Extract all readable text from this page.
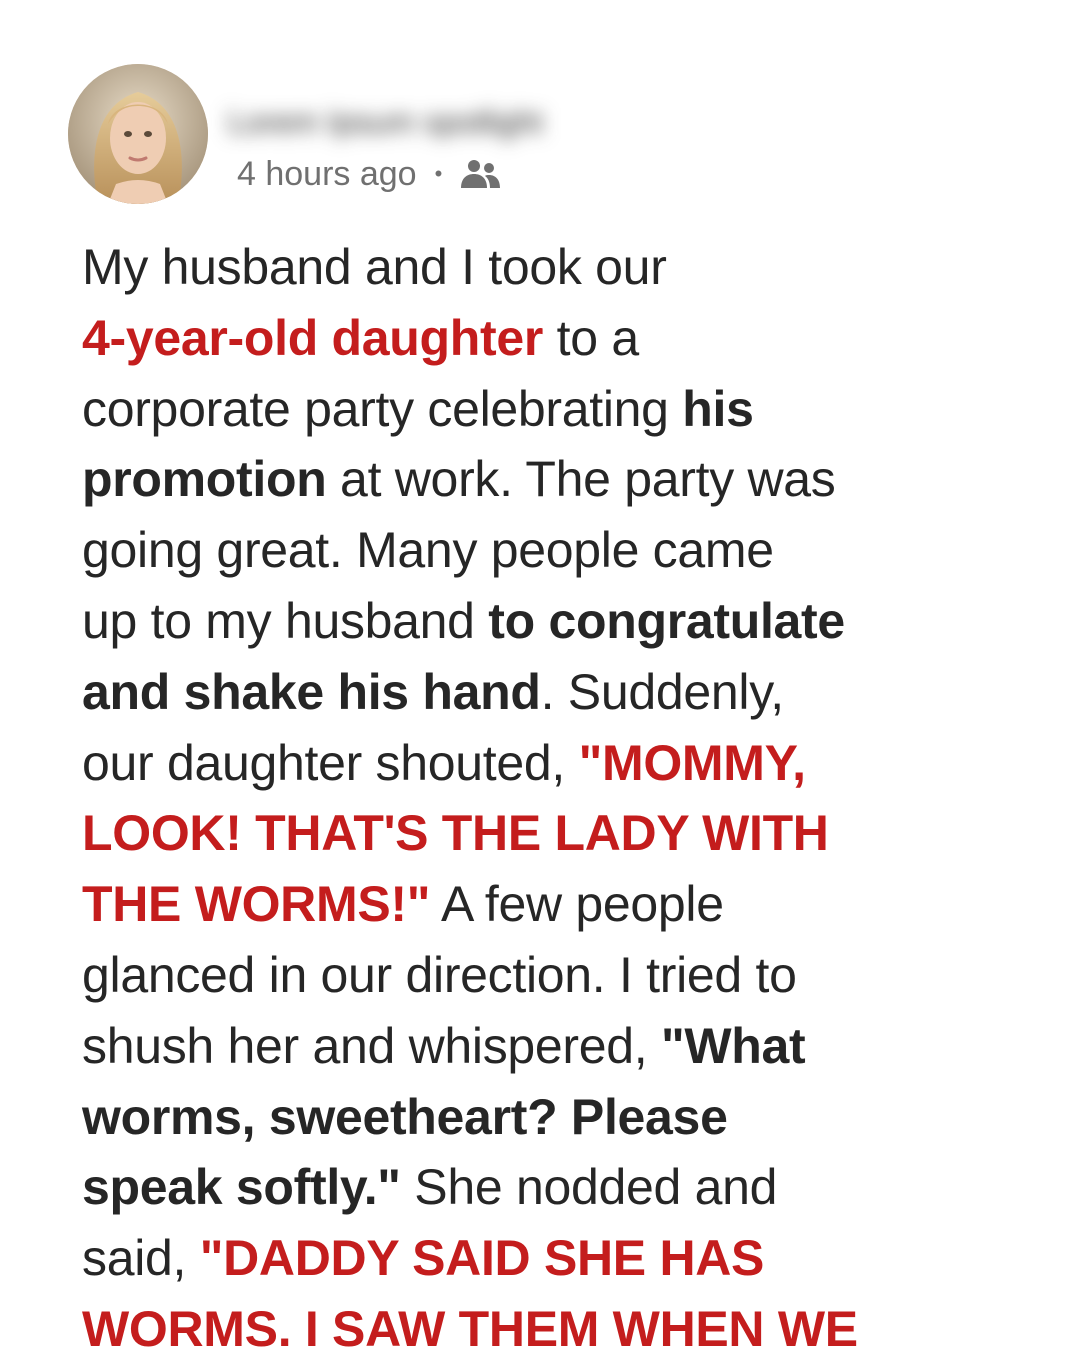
Lorem Ipsum spotlight
4 hours ago •
My husband and I took our
4-year-old daughter to a
corporate party celebrating his
promotion at work. The party was
going great. Many people came
up to my husband to congratulate
and shake his hand. Suddenly,
our daughter shouted, "MOMMY,
LOOK! THAT'S THE LADY WITH
THE WORMS!" A few people
glanced in our direction. I tried to
shush her and whispered, "What
worms, sweetheart? Please
speak softly." She nodded and
said, "DADDY SAID SHE HAS
WORMS. I SAW THEM WHEN WE
